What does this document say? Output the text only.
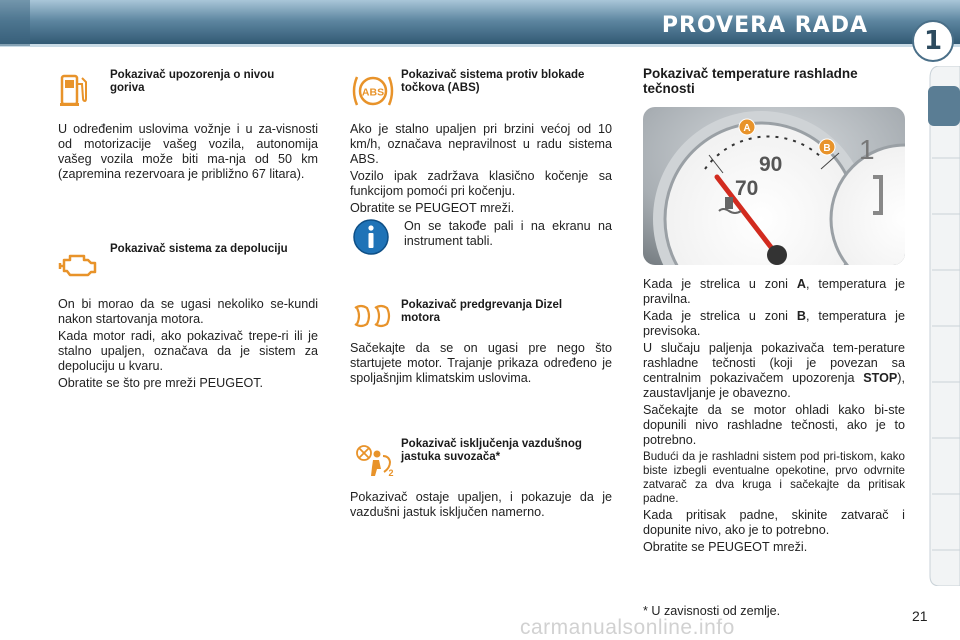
PROVERA RADA
1
Pokazivač upozorenja o nivou goriva
U određenim uslovima vožnje i u za-visnosti od motorizacije vašeg vozila, autonomija vašeg vozila može biti ma-nja od 50 km (zapremina rezervoara je približno 67 litara).
Pokazivač sistema za depoluciju

On bi morao da se ugasi nekoliko se-kundi nakon startovanja motora.

Kada motor radi, ako pokazivač trepe-ri ili je stalno upaljen, označava da je sistem za depoluciju u kvaru.

Obratite se što pre mreži PEUGEOT.

ABS
Pokazivač sistema protiv blokade točkova (ABS)

Ako je stalno upaljen pri brzini većoj od 10 km/h, označava nepravilnost u radu sistema ABS.

Vozilo ipak zadržava klasično kočenje sa funkcijom pomoći pri kočenju.

Obratite se PEUGEOT mreži.

On se takođe pali i na ekranu na instrument tabli.
Pokazivač predgrevanja Dizel motora
Sačekajte da se on ugasi pre nego što startujete motor. Trajanje prikaza određeno je spoljašnjim klimatskim uslovima.
2
Pokazivač isključenja vazdušnog jastuka suvozača*
Pokazivač ostaje upaljen, i pokazuje da je vazdušni jastuk isključen namerno.
Pokazivač temperature rashladne tečnosti
70
90	1
A
B

Kada je strelica u zoni A, temperatura je pravilna.

Kada je strelica u zoni B, temperatura je previsoka.

U slučaju paljenja pokazivača tem-perature rashladne tečnosti (koji je povezan sa centralnim pokazivačem upozorenja STOP), zaustavljanje je obavezno.

Sačekajte da se motor ohladi kako bi-ste dopunili nivo rashladne tečnosti, ako je to potrebno.

Budući da je rashladni sistem pod pri-tiskom, kako biste izbegli eventualne opekotine, prvo odvrnite zatvarač za dva kruga i sačekajte da pritisak padne.

Kada pritisak padne, skinite zatvarač i dopunite nivo, ako je to potrebno.

Obratite se PEUGEOT mreži.

* U zavisnosti od zemlje.
carmanualsonline.info	21
